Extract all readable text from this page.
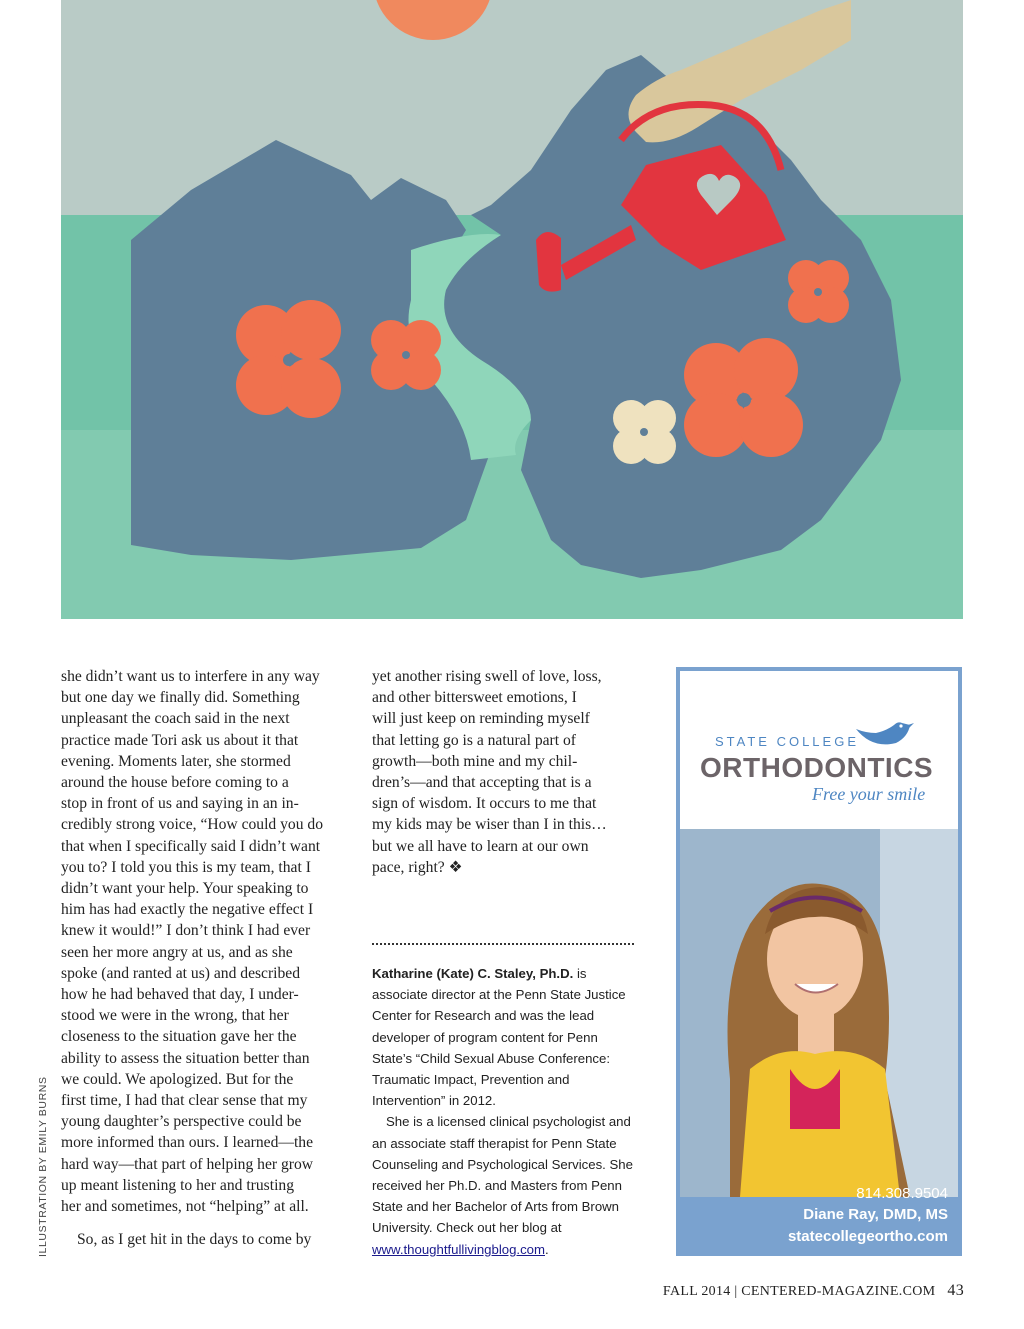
she didn’t want us to interfere in any way
but one day we finally did. Something
unpleasant the coach said in the next
practice made Tori ask us about it that
evening. Moments later, she stormed
around the house before coming to a
stop in front of us and saying in an in-
credibly strong voice, “How could you do
that when I specifically said I didn’t want
you to? I told you this is my team, that I
didn’t want your help. Your speaking to
him has had exactly the negative effect I
knew it would!” I don’t think I had ever
seen her more angry at us, and as she
spoke (and ranted at us) and described
how he had behaved that day, I under-
stood we were in the wrong, that her
closeness to the situation gave her the
ability to assess the situation better than
we could. We apologized. But for the
first time, I had that clear sense that my
young daughter’s perspective could be
more informed than ours. I learned—the
hard way—that part of helping her grow
up meant listening to her and trusting
her and sometimes, not “helping” at all.

So, as I get hit in the days to come by

yet another rising swell of love, loss,
and other bittersweet emotions, I
will just keep on reminding myself
that letting go is a natural part of
growth—both mine and my chil-
dren’s—and that accepting that is a
sign of wisdom. It occurs to me that
my kids may be wiser than I in this…
but we all have to learn at our own
pace, right? ❖

Katharine (Kate) C. Staley, Ph.D. is associate director at the Penn State Justice Center for Research and was the lead developer of program content for Penn State’s “Child Sexual Abuse Conference: Traumatic Impact, Prevention and Intervention” in 2012.

She is a licensed clinical psychologist and an associate staff therapist for Penn State Counseling and Psychological Services. She received her Ph.D. and Masters from Penn State and her Bachelor of Arts from Brown University. Check out her blog at www.thoughtfullivingblog.com.

ILLUSTRATION BY EMILY BURNS
STATE COLLEGE
ORTHODONTICS
Free your smile
814.308.9504
Diane Ray, DMD, MS
statecollegeortho.com
FALL 2014 | CENTERED-MAGAZINE.COM 43
